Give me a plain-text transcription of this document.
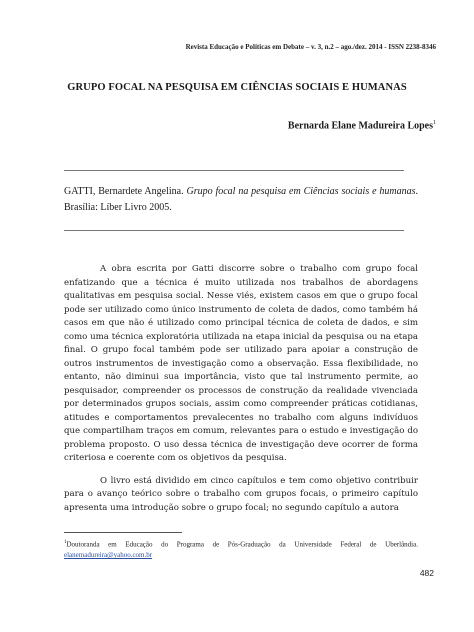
Revista Educação e Políticas em Debate – v. 3, n.2 – ago./dez. 2014 - ISSN 2238-8346
GRUPO FOCAL NA PESQUISA EM CIÊNCIAS SOCIAIS E HUMANAS
Bernarda Elane Madureira Lopes$^1$
GATTI, Bernardete Angelina. Grupo focal na pesquisa em Ciências sociais e humanas. Brasília: Líber Livro 2005.

A obra escrita por Gatti discorre sobre o trabalho com grupo focal enfatizando que a técnica é muito utilizada nos trabalhos de abordagens qualitativas em pesquisa social. Nesse viés, existem casos em que o grupo focal pode ser utilizado como único instrumento de coleta de dados, como também há casos em que não é utilizado como principal técnica de coleta de dados, e sim como uma técnica exploratória utilizada na etapa inicial da pesquisa ou na etapa final. O grupo focal também pode ser utilizado para apoiar a construção de outros instrumentos de investigação como a observação. Essa flexibilidade, no entanto, não diminui sua importância, visto que tal instrumento permite, ao pesquisador, compreender os processos de construção da realidade vivenciada por determinados grupos sociais, assim como compreender práticas cotidianas, atitudes e comportamentos prevalecentes no trabalho com alguns indivíduos que compartilham traços em comum, relevantes para o estudo e investigação do problema proposto. O uso dessa técnica de investigação deve ocorrer de forma criteriosa e coerente com os objetivos da pesquisa.

O livro está dividido em cinco capítulos e tem como objetivo contribuir para o avanço teórico sobre o trabalho com grupos focais, o primeiro capítulo apresenta uma introdução sobre o grupo focal; no segundo capítulo a autora

$^1$Doutoranda em Educação do Programa de Pós-Graduação da Universidade Federal de Uberlândia. elanemadureira@yahoo.com.br
482
